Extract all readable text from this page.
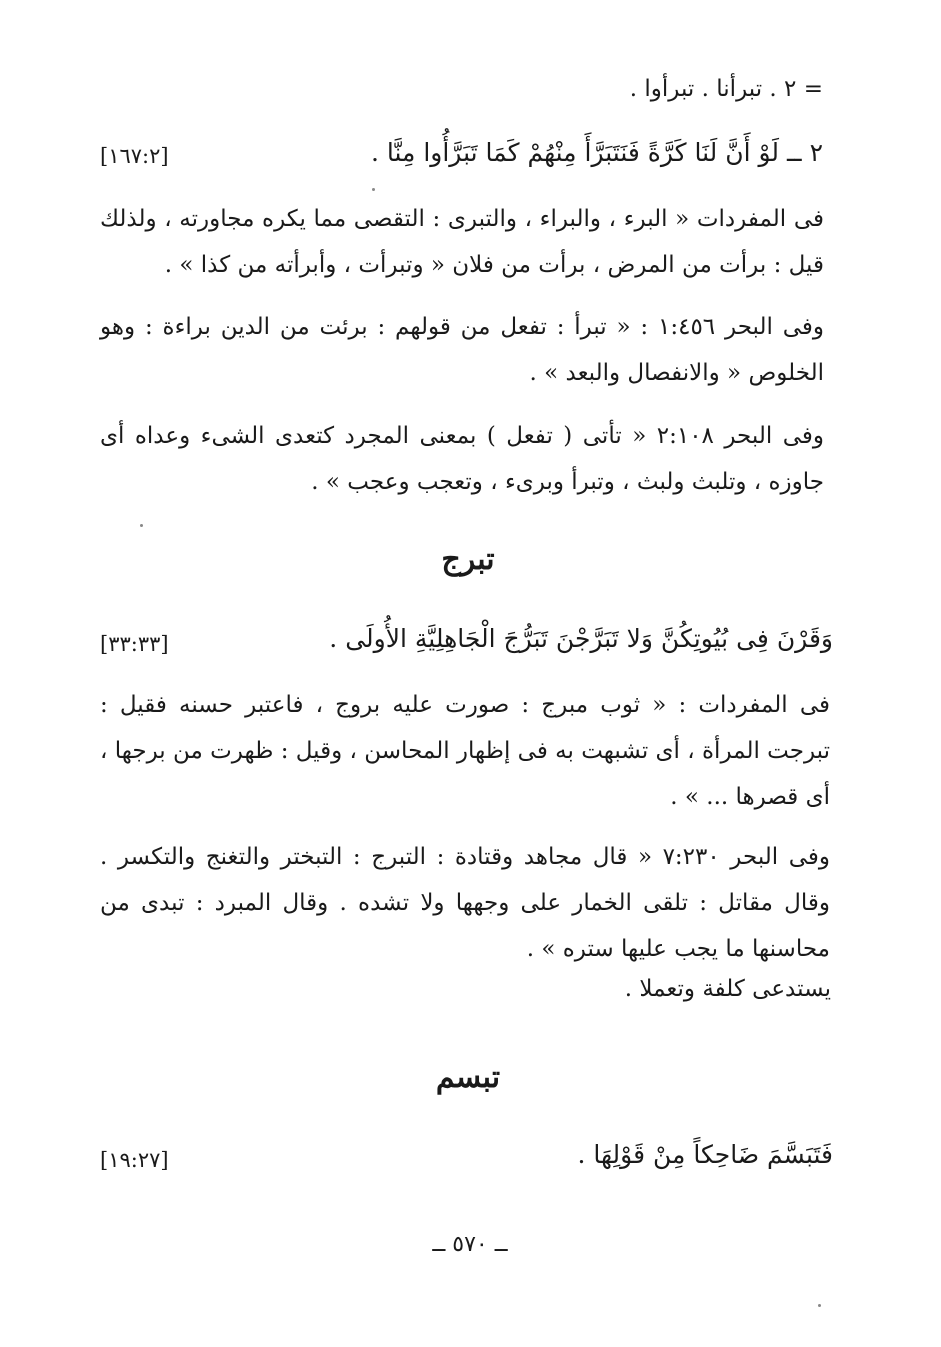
= ٢ . تبرأنا . تبرأوا .
٢ ــ لَوْ أَنَّ لَنَا كَرَّةً فَنَتَبَرَّأَ مِنْهُمْ كَمَا تَبَرَّأُوا مِنَّا .
[١٦٧:٢]

فى المفردات « البرء ، والبراء ، والتبرى : التقصى مما يكره مجاورته ، ولذلك قيل : برأت من المرض ، برأت من فلان « وتبرأت ، وأبرأته من كذا » .

وفى البحر ١:٤٥٦ : « تبرأ : تفعل من قولهم : برئت من الدين براءة : وهو الخلوص « والانفصال والبعد » .

وفى البحر ٢:١٠٨ « تأتى ( تفعل ) بمعنى المجرد كتعدى الشىء وعداه أى جاوزه ، وتلبث ولبث ، وتبرأ وبرىء ، وتعجب وعجب » .

تبرج
وَقَرْنَ فِى بُيُوتِكُنَّ وَلا تَبَرَّجْنَ تَبَرُّجَ الْجَاهِلِيَّةِ الأُولَى .
[٣٣:٣٣]

فى المفردات : « ثوب مبرج : صورت عليه بروج ، فاعتبر حسنه فقيل : تبرجت المرأة ، أى تشبهت به فى إظهار المحاسن ، وقيل : ظهرت من برجها ، أى قصرها ... » .

وفى البحر ٧:٢٣٠ « قال مجاهد وقتادة : التبرج : التبختر والتغنج والتكسر . وقال مقاتل : تلقى الخمار على وجهها ولا تشده . وقال المبرد : تبدى من محاسنها ما يجب عليها ستره » .

يستدعى كلفة وتعملا .
تبسم
فَتَبَسَّمَ ضَاحِكاً مِنْ قَوْلِهَا .
[١٩:٢٧]
ــ ٥٧٠ ــ
